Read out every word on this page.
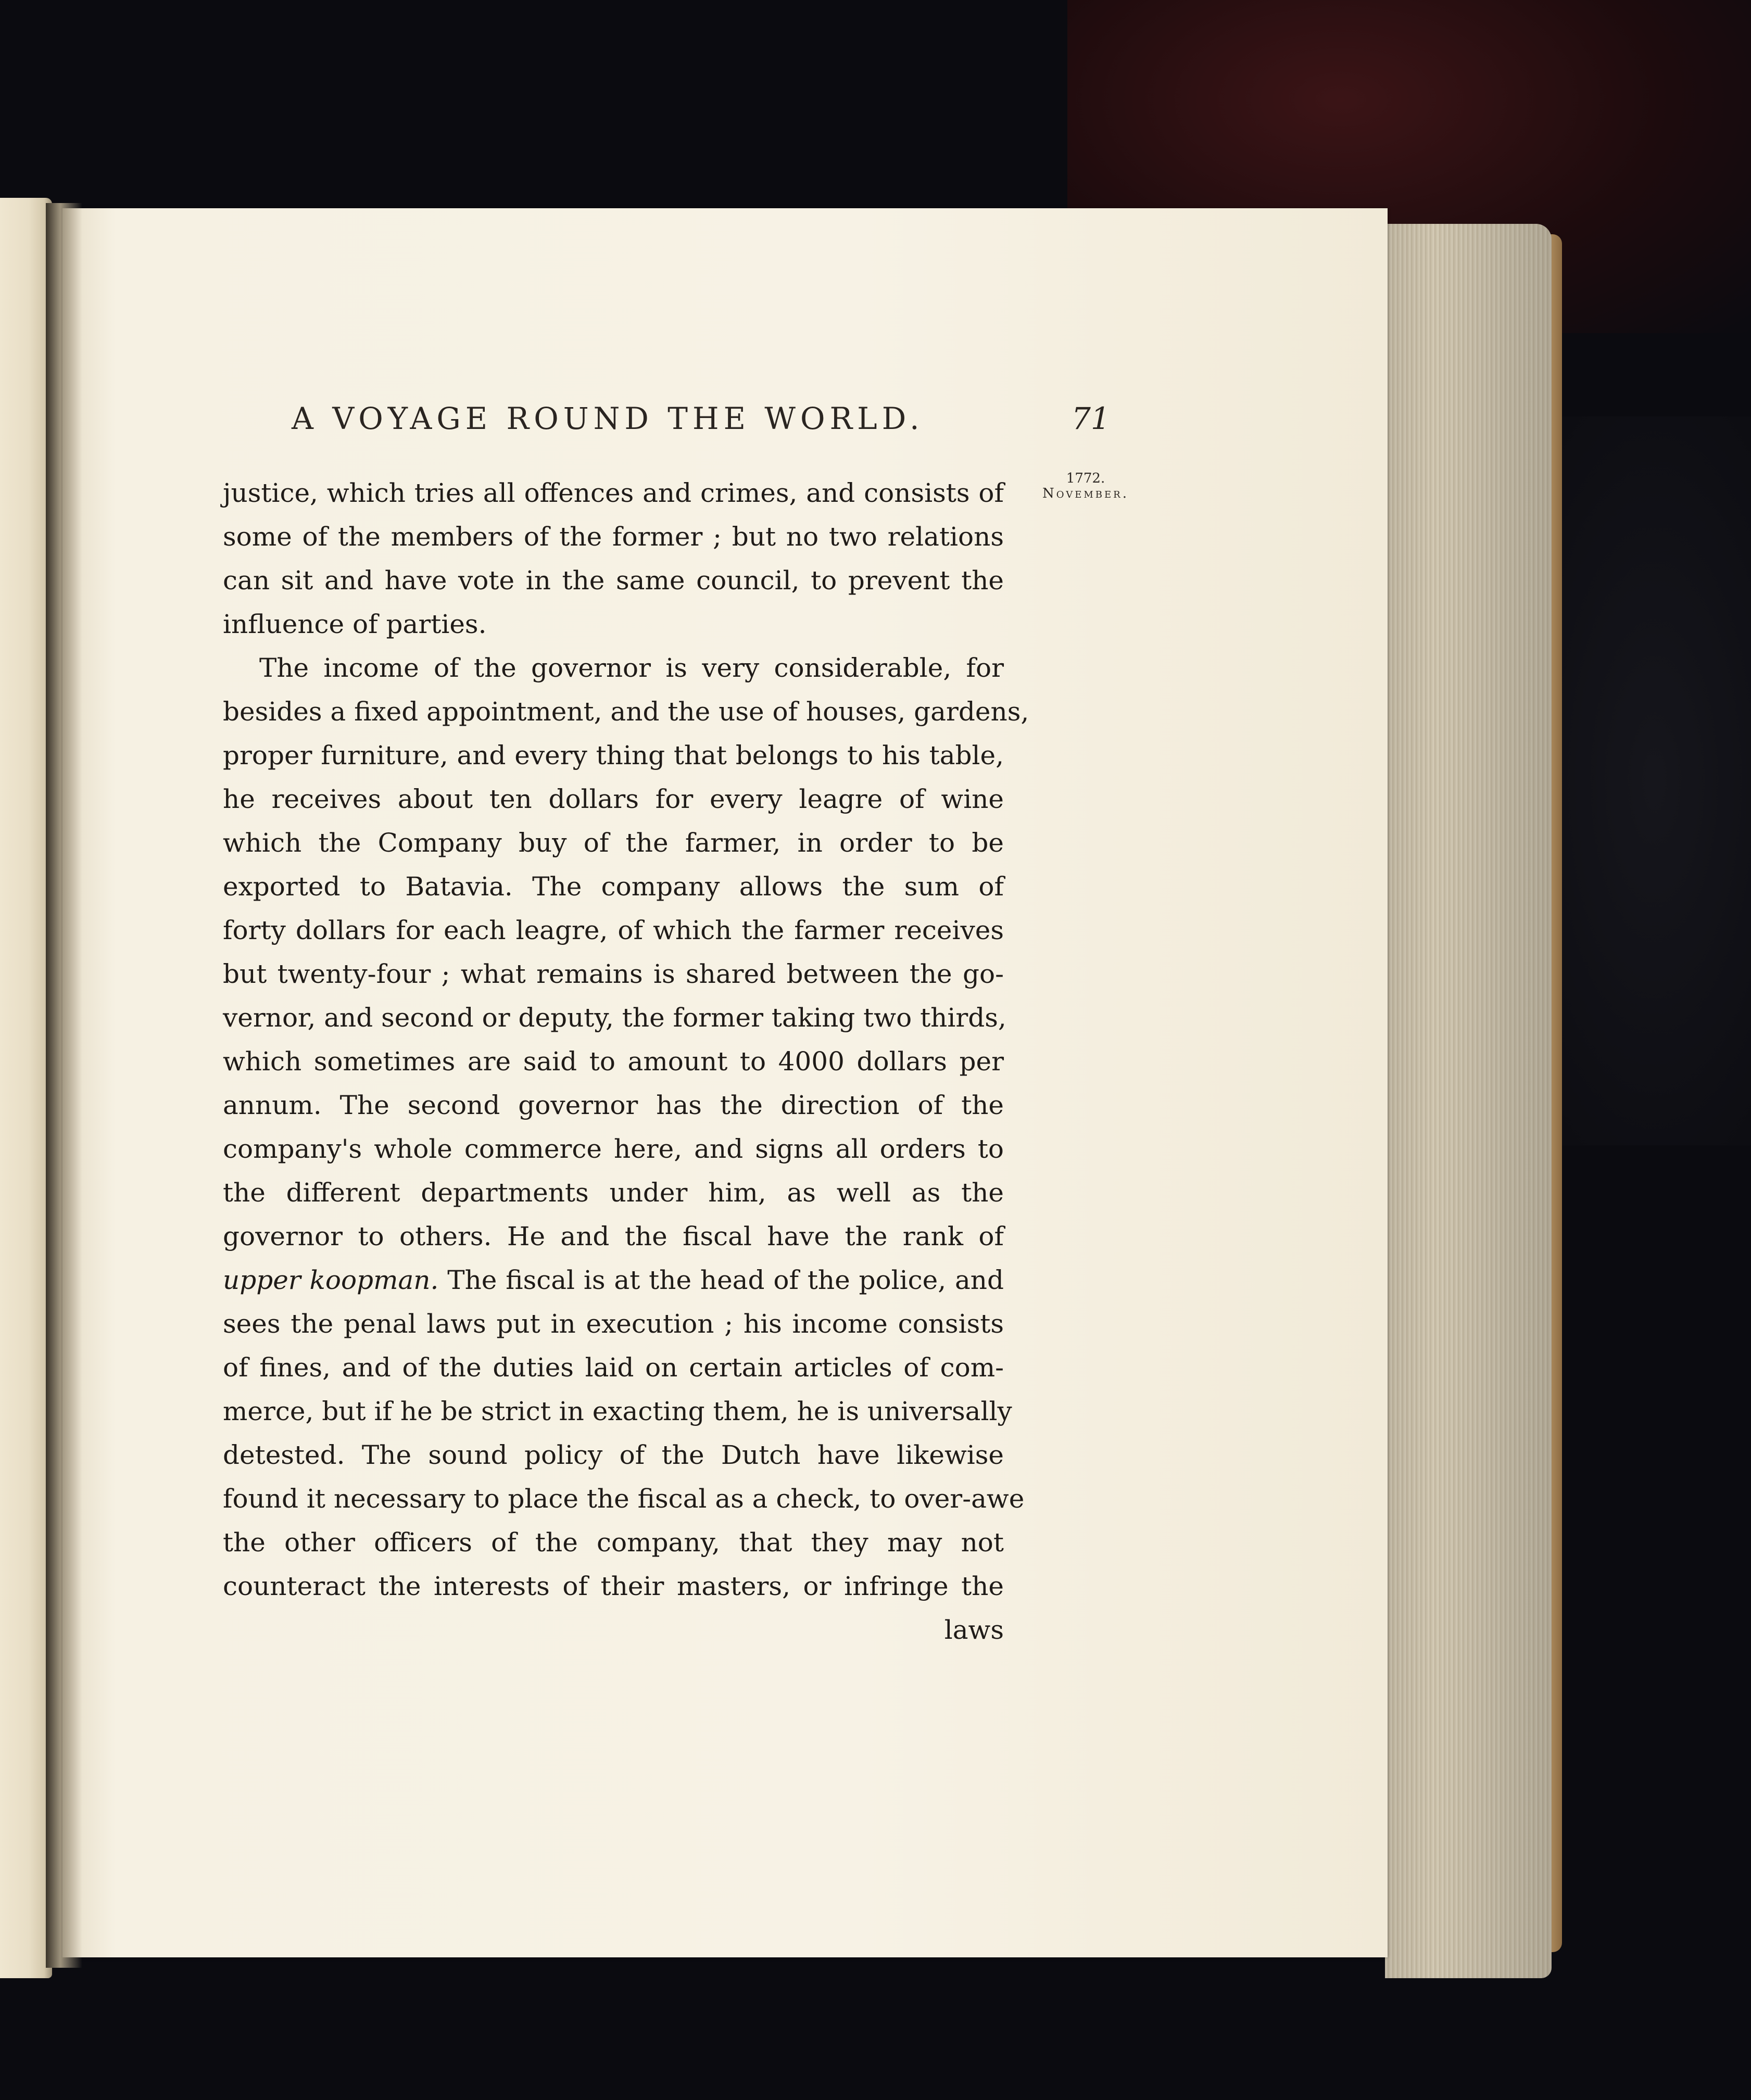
A VOYAGE ROUND THE WORLD.	71
1772.
November.
justice, which tries all offences and crimes, and consists of
some of the members of the former ; but no two relations
can sit and have vote in the same council, to prevent the
influence of parties.
The income of the governor is very considerable, for
besides a fixed appointment, and the use of houses, gardens,
proper furniture, and every thing that belongs to his table,
he receives about ten dollars for every leagre of wine
which the Company buy of the farmer, in order to be
exported to Batavia. The company allows the sum of
forty dollars for each leagre, of which the farmer receives
but twenty-four ; what remains is shared between the go-
vernor, and second or deputy, the former taking two thirds,
which sometimes are said to amount to 4000 dollars per
annum. The second governor has the direction of the
company's whole commerce here, and signs all orders to
the different departments under him, as well as the
governor to others. He and the fiscal have the rank of
upper koopman. The fiscal is at the head of the police, and
sees the penal laws put in execution ; his income consists
of fines, and of the duties laid on certain articles of com-
merce, but if he be strict in exacting them, he is universally
detested. The sound policy of the Dutch have likewise
found it necessary to place the fiscal as a check, to over-awe
the other officers of the company, that they may not
counteract the interests of their masters, or infringe the
laws
